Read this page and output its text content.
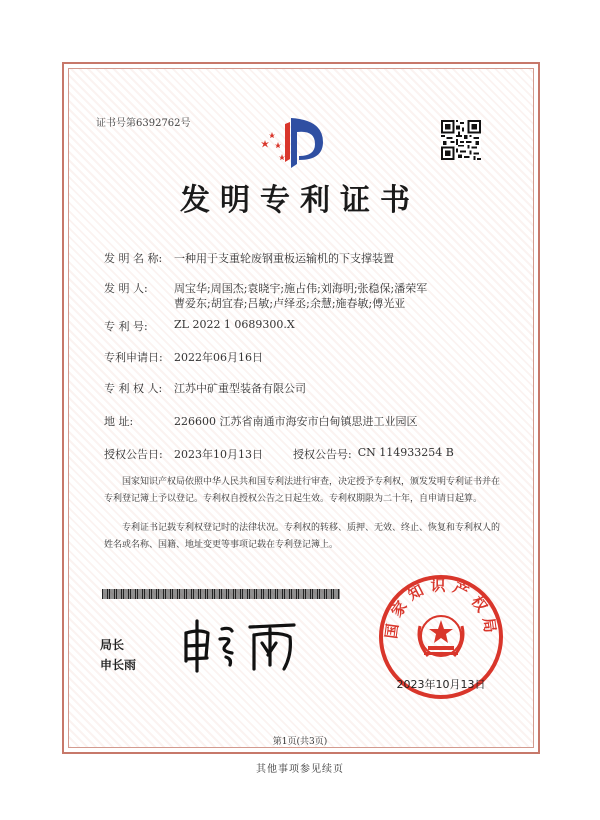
证书号第6392762号
发明专利证书
发 明 名 称:	一种用于支重轮废钢重板运输机的下支撑装置
发 明 人:	周宝华;周国杰;袁晓宇;施占伟;刘海明;张稳保;潘荣军
曹爱东;胡宜春;吕敏;卢绎丞;余慧;施春敏;傅光亚
专 利 号:	ZL 2022 1 0689300.X
专利申请日:	2022年06月16日
专 利 权 人:	江苏中矿重型装备有限公司
地 址:	226600 江苏省南通市海安市白甸镇思进工业园区
授权公告日:	2023年10月13日	授权公告号: CN 114933254 B
国家知识产权局依照中华人民共和国专利法进行审查，决定授予专利权，颁发发明专利证书并在专利登记簿上予以登记。专利权自授权公告之日起生效。专利权期限为二十年，自申请日起算。
专利证书记载专利权登记时的法律状况。专利权的转移、质押、无效、终止、恢复和专利权人的姓名或名称、国籍、地址变更等事项记载在专利登记簿上。
局长
申长雨
国家知识产权局
2023年10月13日
第1页(共3页)
其他事项参见续页
